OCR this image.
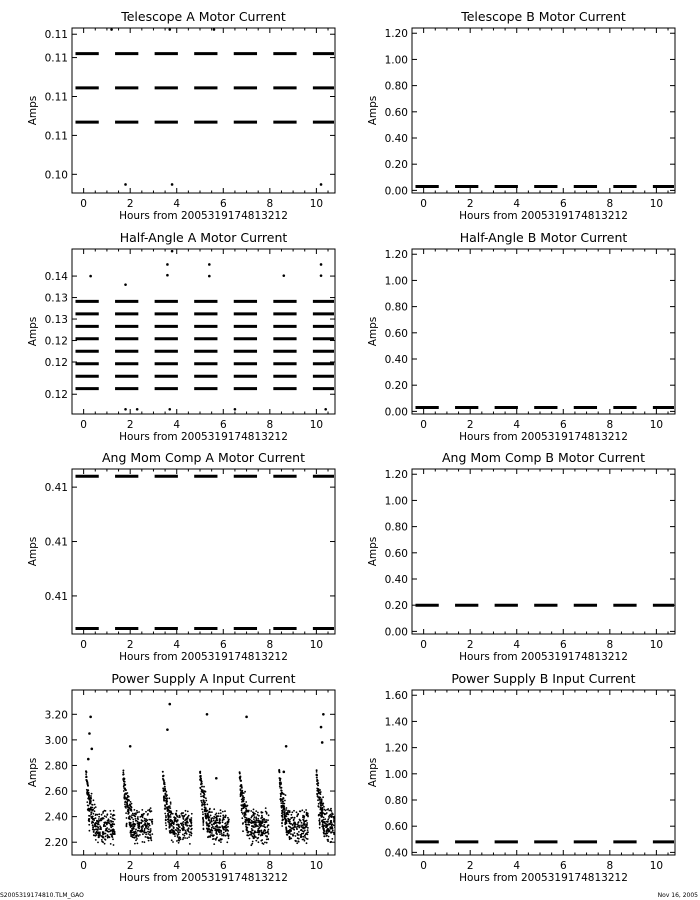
Telescope A Motor Current
0	2	4	6	8	10
0.10
0.11
0.11
0.11
0.11
Hours from 2005319174813212
Amps
Telescope B Motor Current
0	2	4	6	8	10
0.00
0.20
0.40
0.60
0.80
1.00
1.20
Hours from 2005319174813212
Amps
Half-Angle A Motor Current
0	2	4	6	8	10
0.12
0.12
0.12
0.13
0.13
0.14
Hours from 2005319174813212
Amps
Half-Angle B Motor Current
0	2	4	6	8	10
0.00
0.20
0.40
0.60
0.80
1.00
1.20
Hours from 2005319174813212
Amps
Ang Mom Comp A Motor Current
0	2	4	6	8	10
0.41
0.41
0.41
Hours from 2005319174813212
Amps
Ang Mom Comp B Motor Current
0	2	4	6	8	10
0.00
0.20
0.40
0.60
0.80
1.00
1.20
Hours from 2005319174813212
Amps
Power Supply A Input Current
0	2	4	6	8	10
2.20
2.40
2.60
2.80
3.00
3.20
Hours from 2005319174813212
Amps
Power Supply B Input Current
0	2	4	6	8	10
0.40
0.60
0.80
1.00
1.20
1.40
1.60
Hours from 2005319174813212
Amps
S2005319174810.TLM_GAO	Nov 16, 2005
